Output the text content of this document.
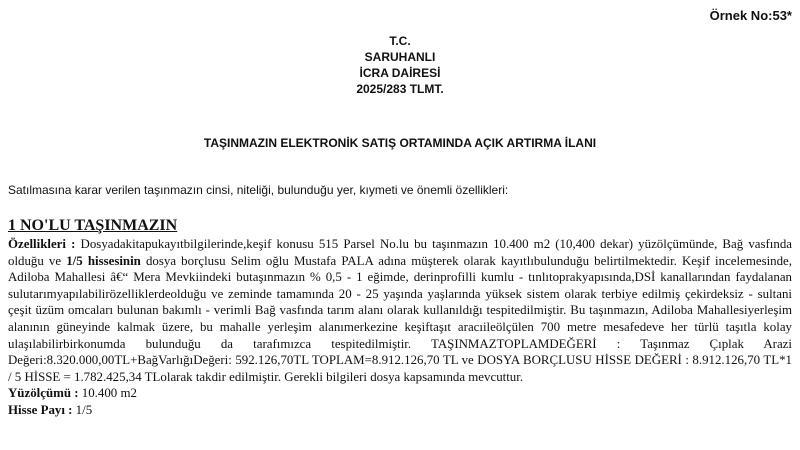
Örnek No:53*
T.C.
SARUHANLI
İCRA DAİRESİ
2025/283 TLMT.
TAŞINMAZIN ELEKTRONİK SATIŞ ORTAMINDA AÇIK ARTIRMA İLANI
Satılmasına karar verilen taşınmazın cinsi, niteliği, bulunduğu yer, kıymeti ve önemli özellikleri:

1 NO'LU TAŞINMAZIN

Özellikleri : Dosyadakitapukayıtbilgilerinde,keşif konusu 515 Parsel No.lu bu taşınmazın 10.400 m2 (10,400 dekar) yüzölçümünde, Bağ vasfında olduğu ve 1/5 hissesinin dosya borçlusu Selim oğlu Mustafa PALA adına müşterek olarak kayıtlıbulunduğu belirtilmektedir. Keşif incelemesinde, Adiloba Mahallesi â€“ Mera Mevkiindeki butaşınmazın % 0,5 - 1 eğimde, derinprofilli kumlu - tınlıtoprakyapısında,DSİ kanallarından faydalanan sulutarımyapılabilirözelliklerdeolduğu ve zeminde tamamında 20 - 25 yaşında yaşlarında yüksek sistem olarak terbiye edilmiş çekirdeksiz - sultani çeşit üzüm omcaları bulunan bakımlı - verimli Bağ vasfında tarım alanı olarak kullanıldığı tespitedilmiştir. Bu taşınmazın, Adiloba Mahallesiyerleşim alanının güneyinde kalmak üzere, bu mahalle yerleşim alanımerkezine keşiftaşıt aracıileölçülen 700 metre mesafedeve her türlü taşıtla kolay ulaşılabilirbirkonumda bulunduğu da tarafımızca tespitedilmiştir. TAŞINMAZTOPLAMDEĞERİ : Taşınmaz Çıplak Arazi Değeri:8.320.000,00TL+BağVarlığıDeğeri: 592.126,70TL TOPLAM=8.912.126,70 TL ve DOSYA BORÇLUSU HİSSE DEĞERİ : 8.912.126,70 TL*1 / 5 HİSSE = 1.782.425,34 TLolarak takdir edilmiştir. Gerekli bilgileri dosya kapsamında mevcuttur.

Yüzölçümü : 10.400 m2

Hisse Payı : 1/5
